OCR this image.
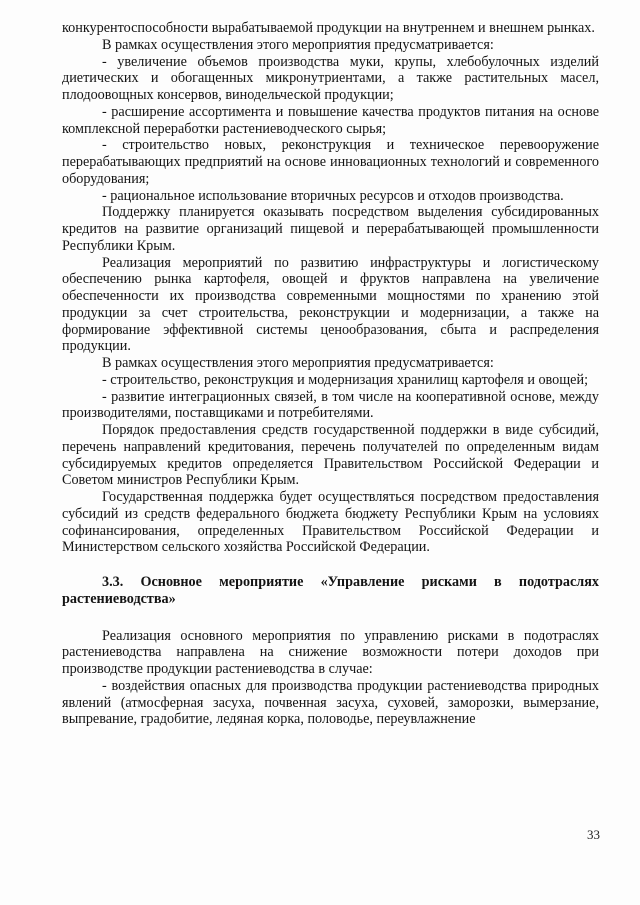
конкурентоспособности вырабатываемой продукции на внутреннем и внешнем рынках.

В рамках осуществления этого мероприятия предусматривается:

- увеличение объемов производства муки, крупы, хлебобулочных изделий диетических и обогащенных микронутриентами, а также растительных масел, плодоовощных консервов, винодельческой продукции;

- расширение ассортимента и повышение качества продуктов питания на основе комплексной переработки растениеводческого сырья;

- строительство новых, реконструкция и техническое перевооружение перерабатывающих предприятий на основе инновационных технологий и современного оборудования;

- рациональное использование вторичных ресурсов и отходов производства.

Поддержку планируется оказывать посредством выделения субсидированных кредитов на развитие организаций пищевой и перерабатывающей промышленности Республики Крым.

Реализация мероприятий по развитию инфраструктуры и логистическому обеспечению рынка картофеля, овощей и фруктов направлена на увеличение обеспеченности их производства современными мощностями по хранению этой продукции за счет строительства, реконструкции и модернизации, а также на формирование эффективной системы ценообразования, сбыта и распределения продукции.

В рамках осуществления этого мероприятия предусматривается:

- строительство, реконструкция и модернизация хранилищ картофеля и овощей;

- развитие интеграционных связей, в том числе на кооперативной основе, между производителями, поставщиками и потребителями.

Порядок предоставления средств государственной поддержки в виде субсидий, перечень направлений кредитования, перечень получателей по определенным видам субсидируемых кредитов определяется Правительством Российской Федерации и Советом министров Республики Крым.

Государственная поддержка будет осуществляться посредством предоставления субсидий из средств федерального бюджета бюджету Республики Крым на условиях софинансирования, определенных Правительством Российской Федерации и Министерством сельского хозяйства Российской Федерации.

3.3. Основное мероприятие «Управление рисками в подотраслях растениеводства»

Реализация основного мероприятия по управлению рисками в подотраслях растениеводства направлена на снижение возможности потери доходов при производстве продукции растениеводства в случае:

- воздействия опасных для производства продукции растениеводства природных явлений (атмосферная засуха, почвенная засуха, суховей, заморозки, вымерзание, выпревание, градобитие, ледяная корка, половодье, переувлажнение

33
